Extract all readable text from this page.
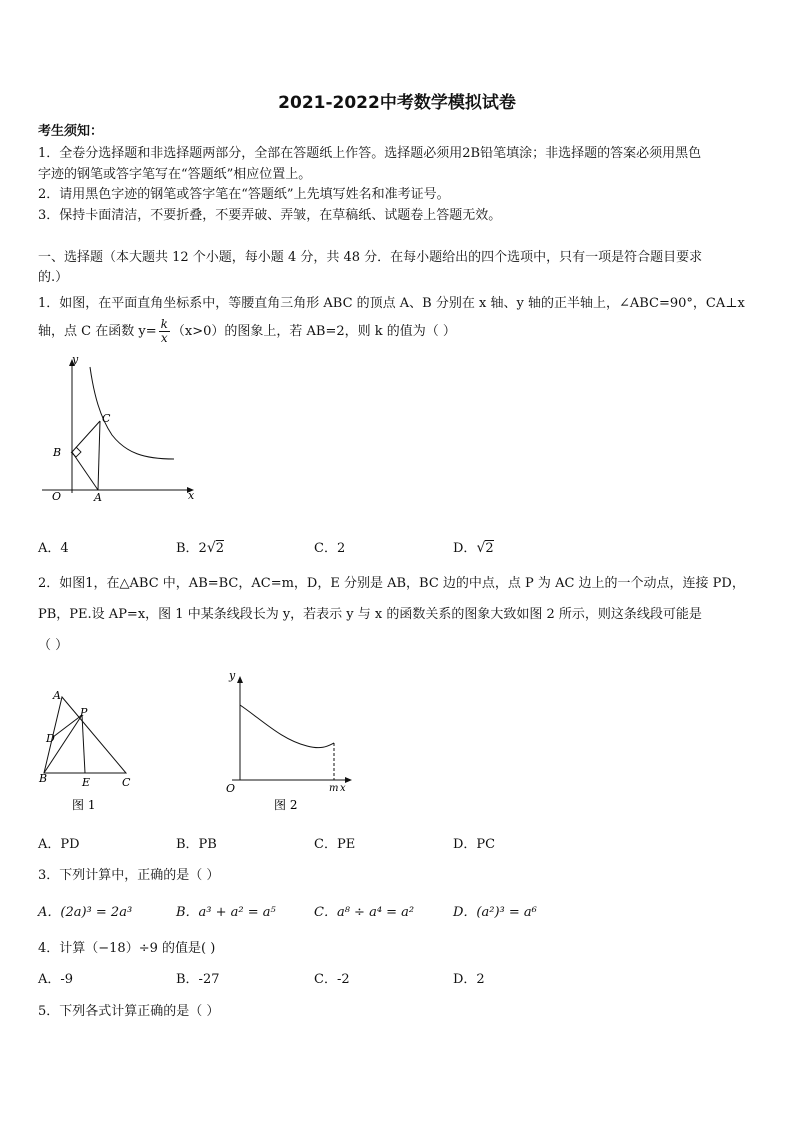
2021-2022中考数学模拟试卷
考生须知：
1．全卷分选择题和非选择题两部分，全部在答题纸上作答。选择题必须用2B铅笔填涂；非选择题的答案必须用黑色
字迹的钢笔或答字笔写在“答题纸”相应位置上。
2．请用黑色字迹的钢笔或答字笔在“答题纸”上先填写姓名和准考证号。
3．保持卡面清洁，不要折叠，不要弄破、弄皱，在草稿纸、试题卷上答题无效。
一、选择题（本大题共 12 个小题，每小题 4 分，共 48 分．在每小题给出的四个选项中，只有一项是符合题目要求
的.）
1．如图，在平面直角坐标系中，等腰直角三角形 ABC 的顶点 A、B 分别在 x 轴、y 轴的正半轴上，∠ABC=90°，CA⊥x
轴，点 C 在函数 $y= \frac{k}{x} (x>0)$的图象上，若 AB=2，则 k 的值为（ ）
y
x
O	A
B
C
A．4	B．2√2	C．2	D．√2
2．如图1，在△ABC 中，AB=BC，AC=m，D，E 分别是 AB，BC 边的中点，点 P 为 AC 边上的一个动点，连接 PD，
PB，PE.设 AP=x，图 1 中某条线段长为 y，若表示 y 与 x 的函数关系的图象大致如图 2 所示，则这条线段可能是
（ ）
A
P
D
B	E	C
图 1
y
O	m x
图 2
A．PD	B．PB	C．PE	D．PC
3．下列计算中，正确的是（ ）
A．(2a)³ = 2a³	B．a³ + a² = a⁵	C．a⁸ ÷ a⁴ = a²	D．(a²)³ = a⁶
4．计算（−18）÷9 的值是( )
A．-9	B．-27	C．-2	D．2
5．下列各式计算正确的是（ ）
